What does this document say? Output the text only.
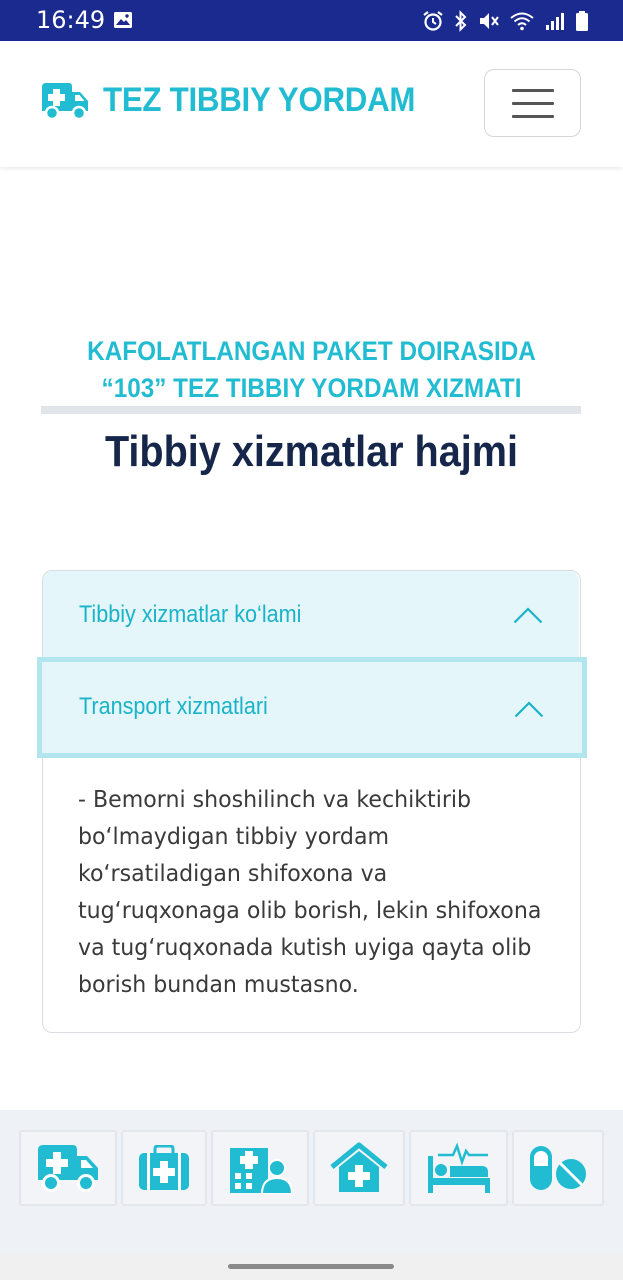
16:49
TEZ TIBBIY YORDAM
KAFOLATLANGAN PAKET DOIRASIDA
“103” TEZ TIBBIY YORDAM XIZMATI
Tibbiy xizmatlar hajmi
Tibbiy xizmatlar ko‘lami
Transport xizmatlari

- Bemorni shoshilinch va kechiktirib bo‘lmaydigan tibbiy yordam ko‘rsatiladigan shifoxona va tug‘ruqxonaga olib borish, lekin shifoxona va tug‘ruqxonada kutish uyiga qayta olib borish bundan mustasno.
